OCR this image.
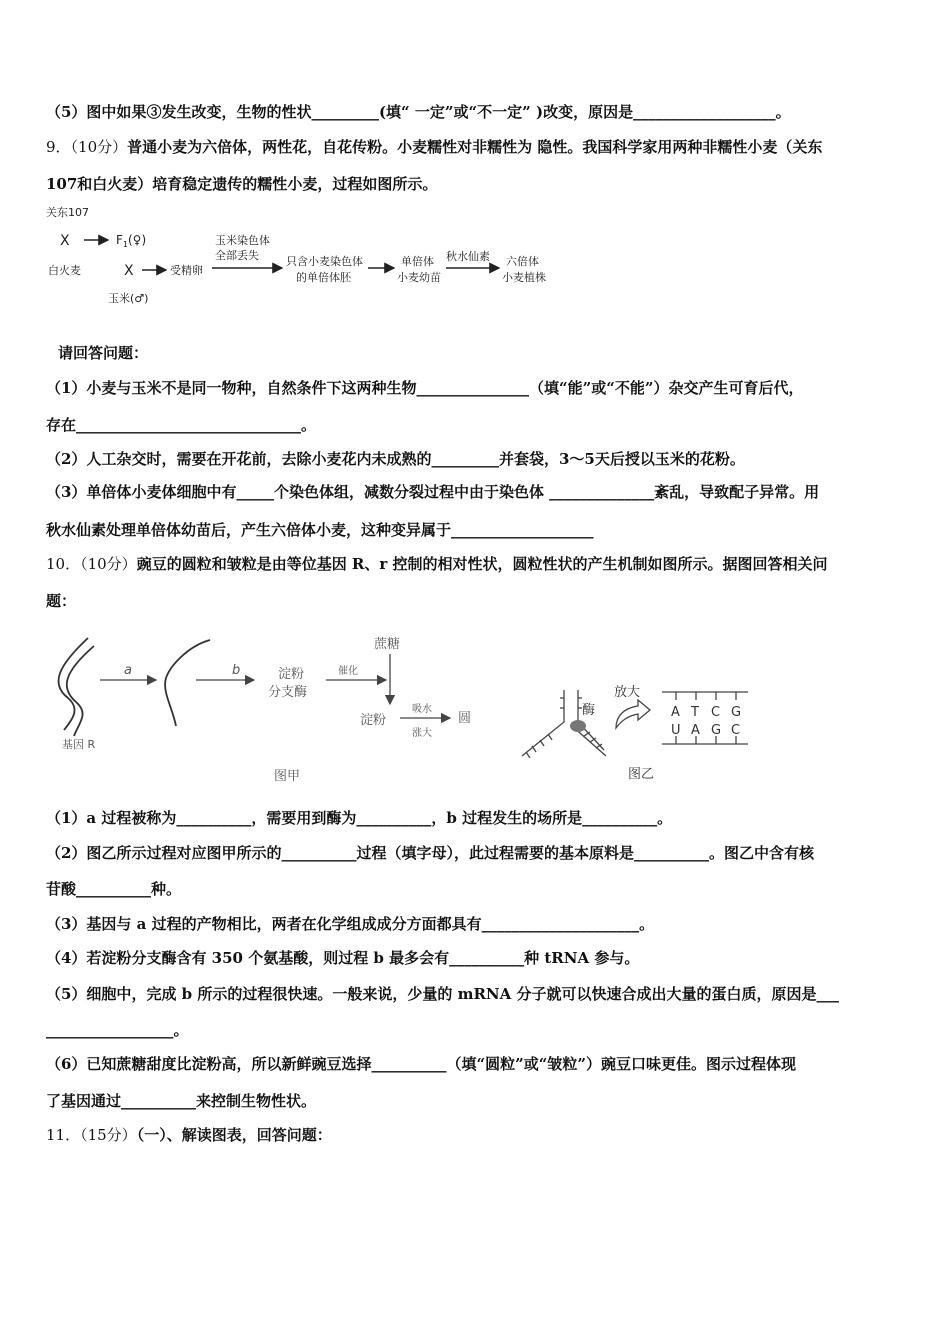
（5）图中如果③发生改变，生物的性状_________(填“ 一定”或“不一定” )改变，原因是___________________。
9．（10分）普通小麦为六倍体，两性花，自花传粉。小麦糯性对非糯性为 隐性。我国科学家用两种非糯性小麦（关东
107和白火麦）培育稳定遗传的糯性小麦，过程如图所示。
关东107
X	$F_1(♀)$
白火麦	X	受精卵
玉米染色体
全部丢失 只含小麦染色体
的单倍体胚
单倍体
小麦幼苗
秋水仙素 六倍体
小麦植株
玉米(♂)
请回答问题：
（1）小麦与玉米不是同一物种，自然条件下这两种生物_______________（填“能”或“不能”）杂交产生可育后代，
存在______________________________。
（2）人工杂交时，需要在开花前，去除小麦花内未成熟的_________并套袋，3～5天后授以玉米的花粉。
（3）单倍体小麦体细胞中有_____个染色体组，减数分裂过程中由于染色体 ______________紊乱，导致配子异常。用
秋水仙素处理单倍体幼苗后，产生六倍体小麦，这种变异属于___________________
10．（10分）豌豆的圆粒和皱粒是由等位基因 R、r 控制的相对性状，圆粒性状的产生机制如图所示。据图回答相关问
题：
a	b	淀粉
分支酶
催化
蔗糖
淀粉
吸水
涨大
圆
基因 R
图甲
酶
放大
A T C G
U A G C
图乙
（1）a 过程被称为__________，需要用到酶为__________，b 过程发生的场所是__________。
（2）图乙所示过程对应图甲所示的__________过程（填字母），此过程需要的基本原料是__________。图乙中含有核
苷酸__________种。
（3）基因与 a 过程的产物相比，两者在化学组成成分方面都具有_____________________。
（4）若淀粉分支酶含有 350 个氨基酸，则过程 b 最多会有__________种 tRNA 参与。
（5）细胞中，完成 b 所示的过程很快速。一般来说，少量的 mRNA 分子就可以快速合成出大量的蛋白质，原因是___
_________________。
（6）已知蔗糖甜度比淀粉高，所以新鲜豌豆选择__________（填“圆粒”或“皱粒”）豌豆口味更佳。图示过程体现
了基因通过__________来控制生物性状。
11．（15分）（一）、解读图表，回答问题：
